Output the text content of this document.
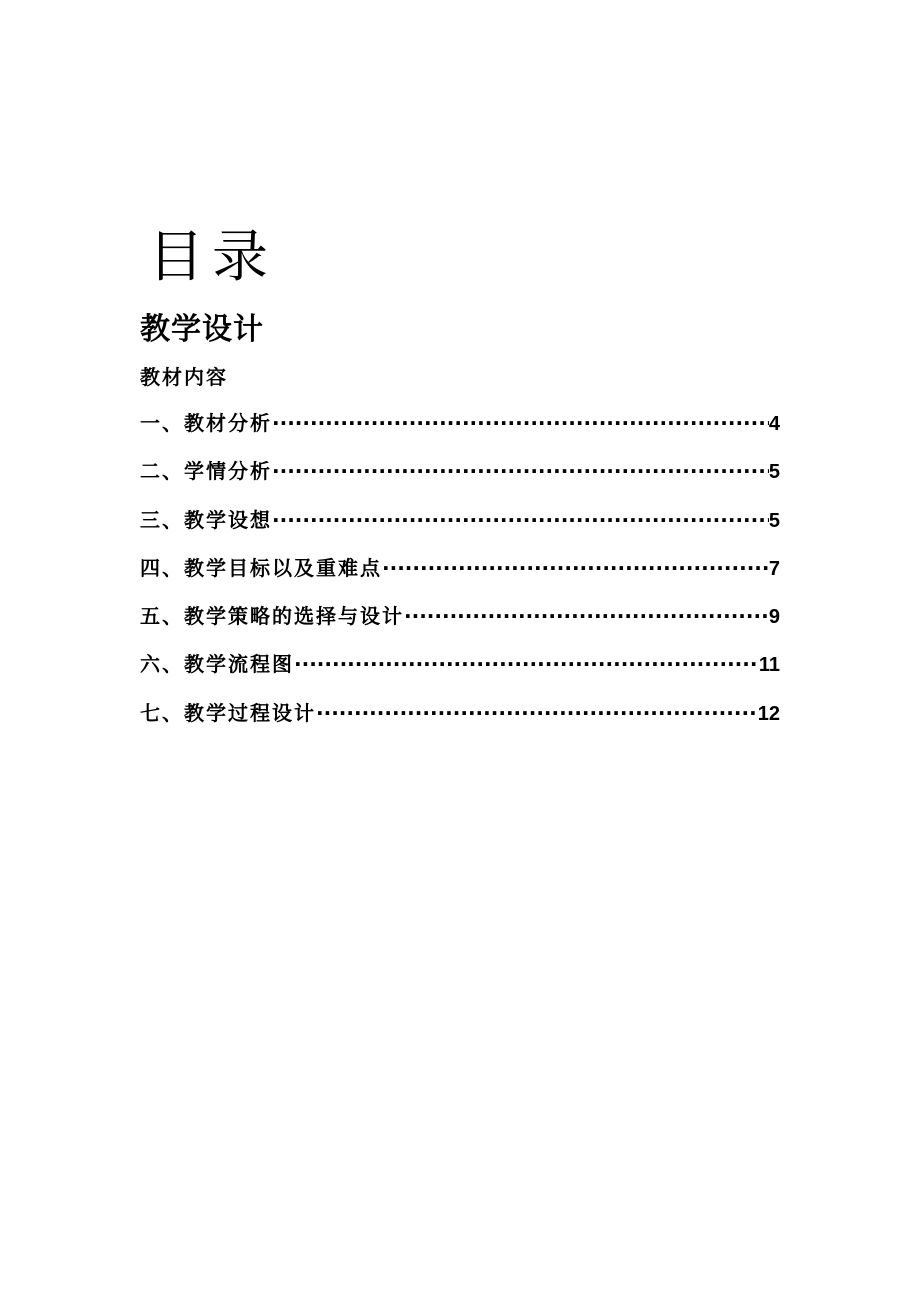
目录
教学设计
教材内容
一、教材分析 ·····	4
二、学情分析 ·····	5
三、教学设想 ·····	5
四、教学目标以及重难点 ·····	7
五、教学策略的选择与设计 ·····	9
六、教学流程图 ·····	11
七、教学过程设计 ·····	12
